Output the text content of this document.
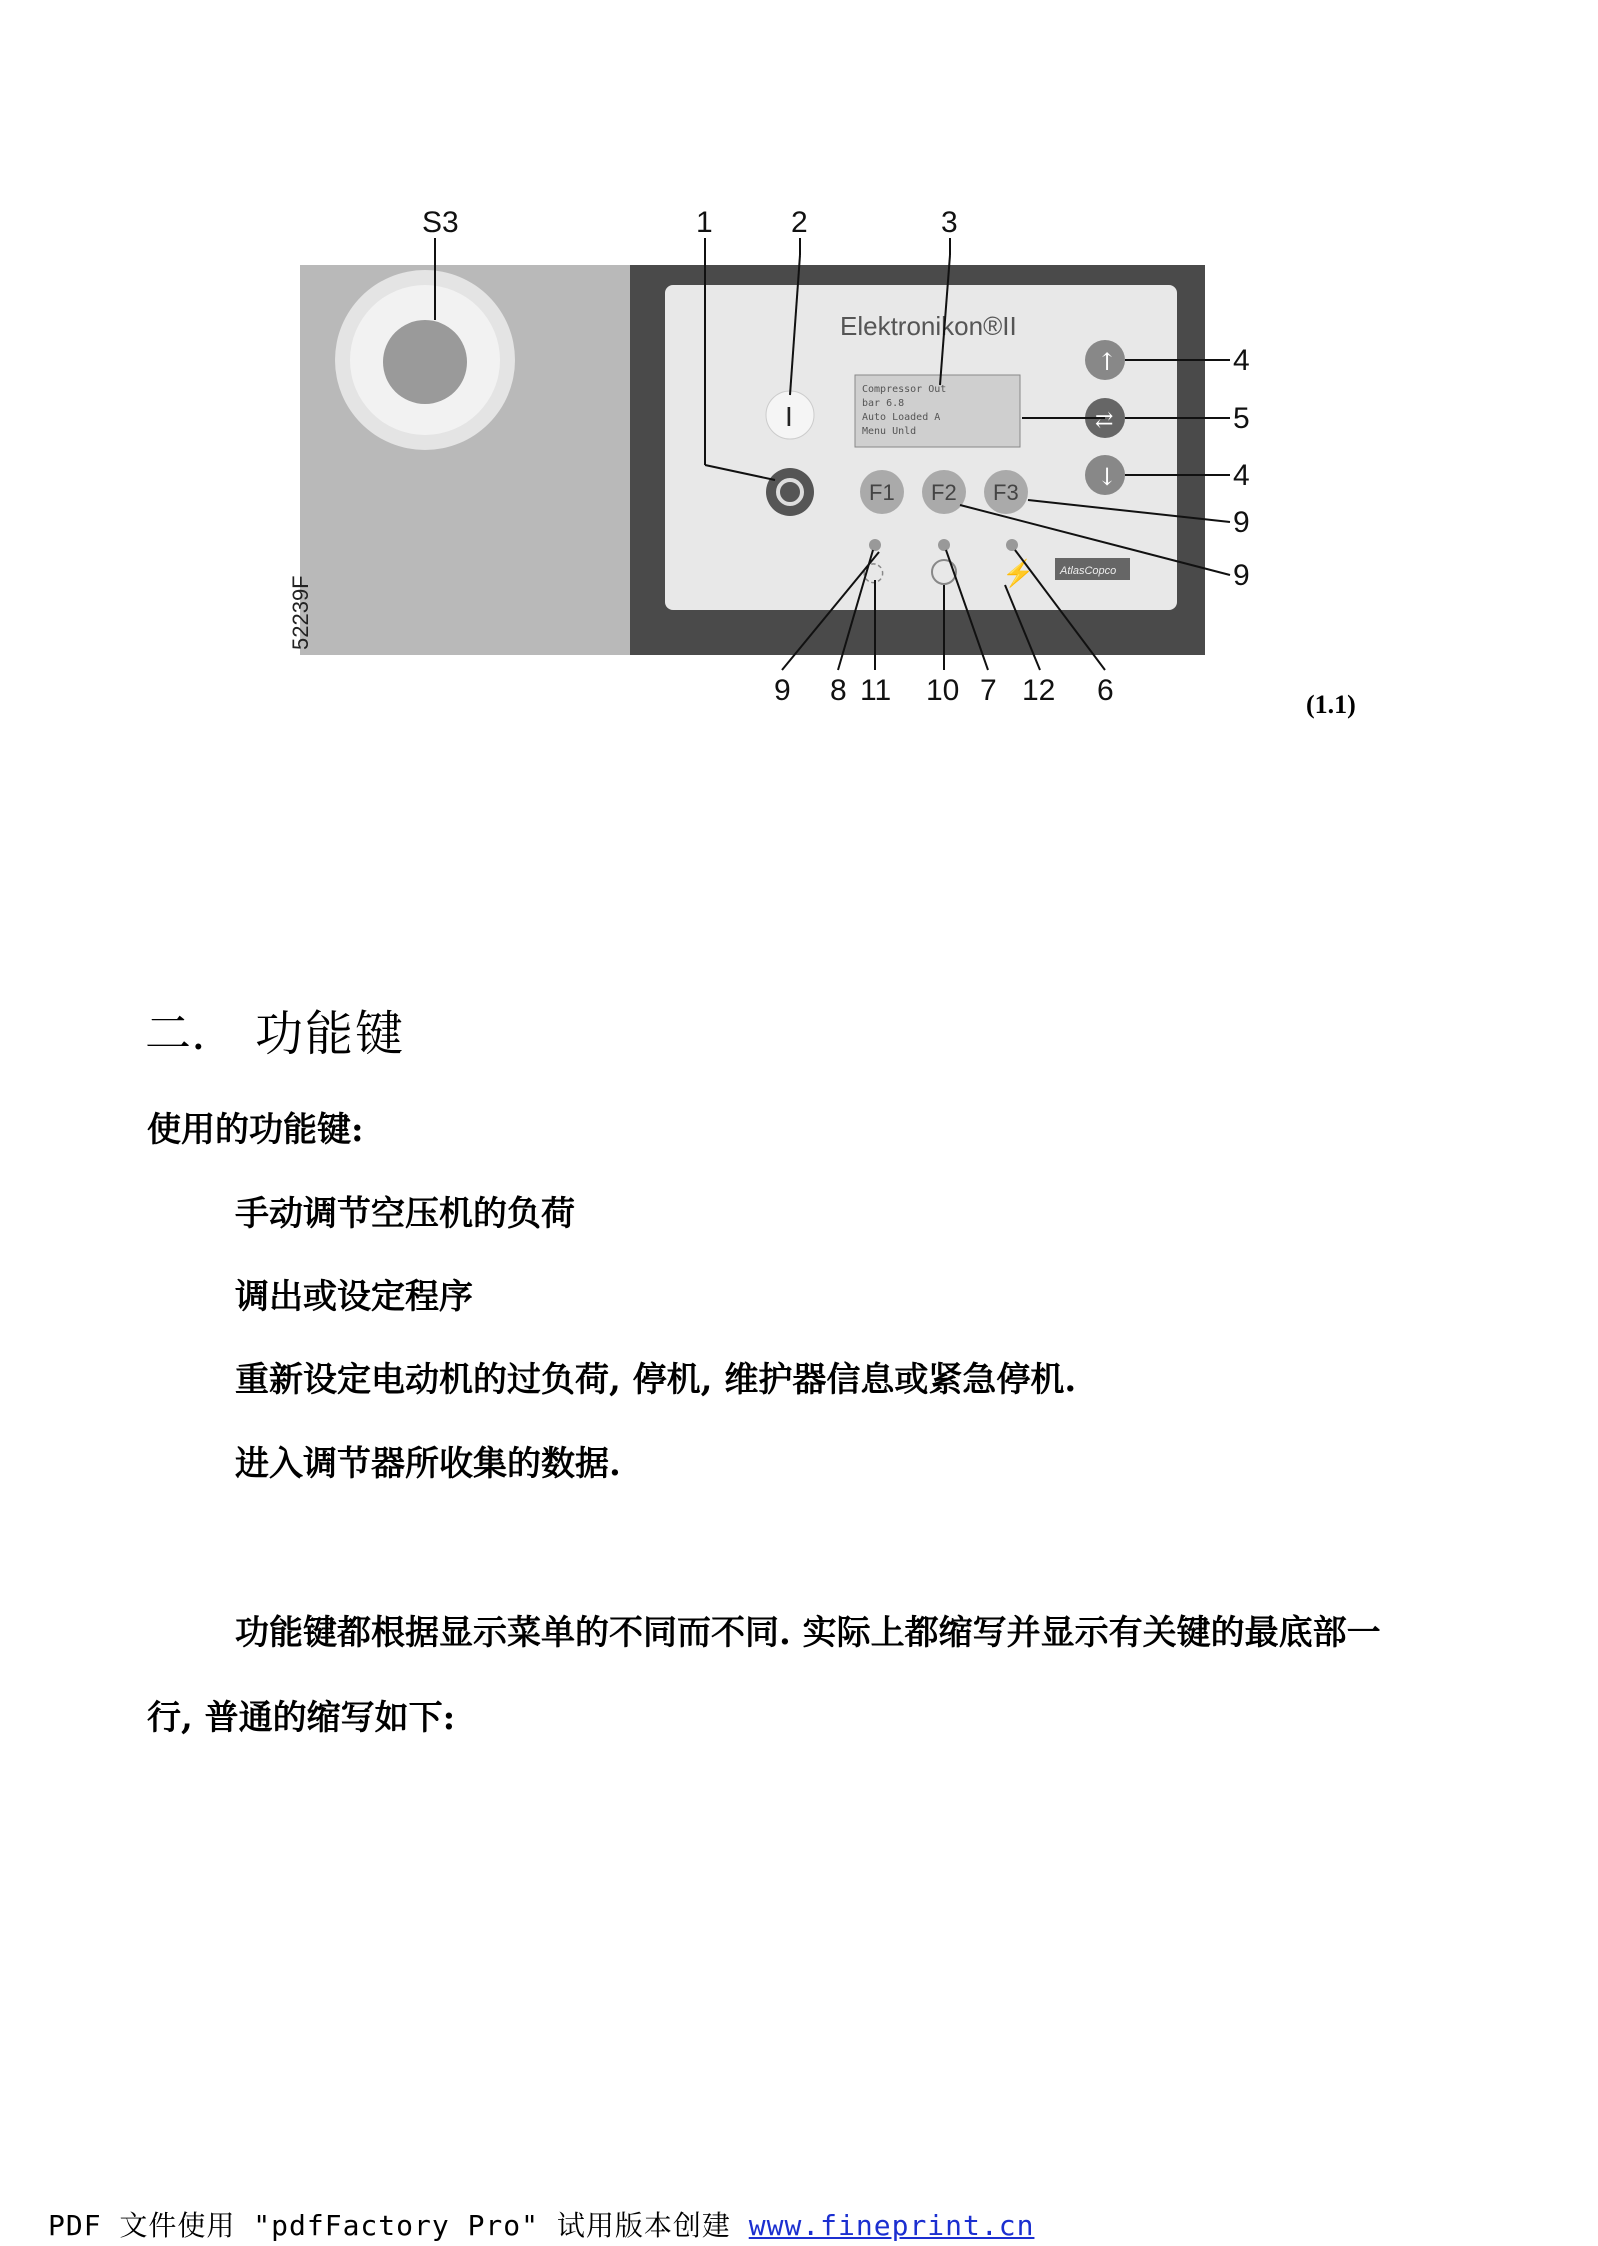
Elektronikon®II
I
Compressor Out
bar 6.8
Auto Loaded A
Menu Unld
F1 F2 F3
↑
⇄
↓
◌	⚡ AtlasCopco
52239F
S3	1	2	3
4
5
4
9
9
9 8 11 10 7 12 6	(1.1)
二.	功能键
使用的功能键:
手动调节空压机的负荷
调出或设定程序
重新设定电动机的过负荷, 停机, 维护器信息或紧急停机.
进入调节器所收集的数据.
功能键都根据显示菜单的不同而不同. 实际上都缩写并显示有关键的最底部一
行, 普通的缩写如下:
PDF 文件使用 "pdfFactory Pro" 试用版本创建 www.fineprint.cn
